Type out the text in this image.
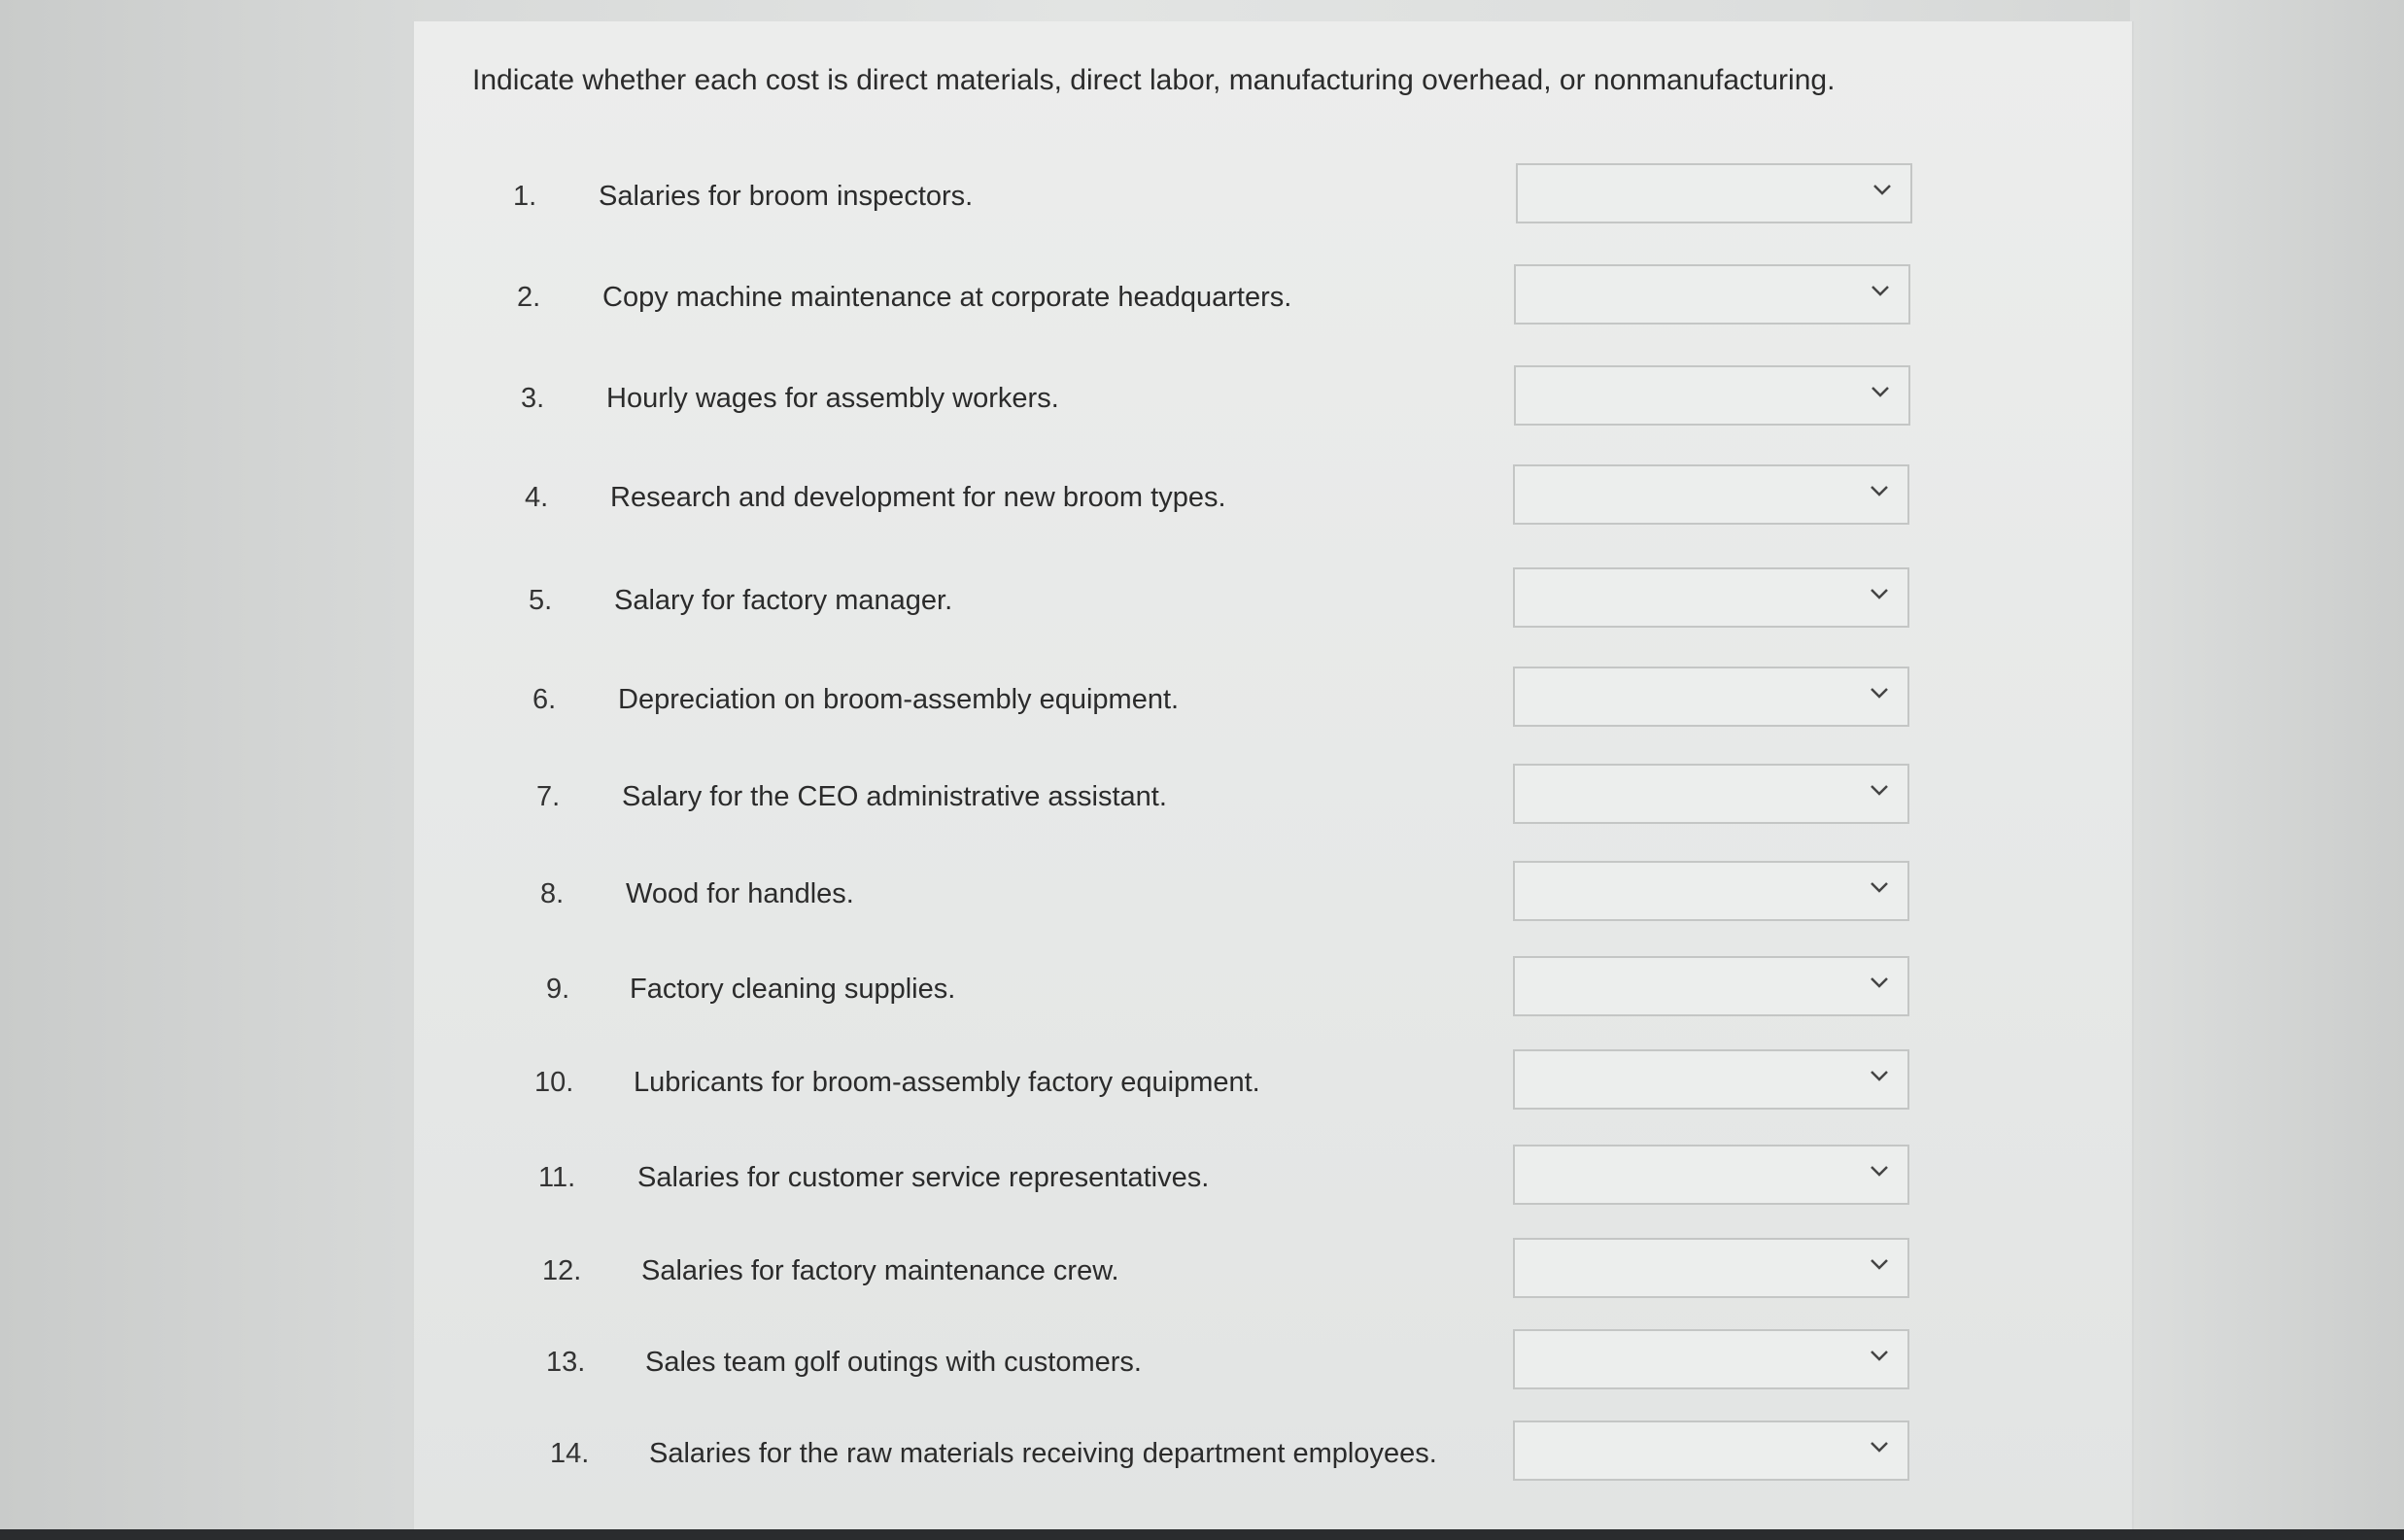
Indicate whether each cost is direct materials, direct labor, manufacturing overhead, or nonmanufacturing.
1. Salaries for broom inspectors.
2. Copy machine maintenance at corporate headquarters.
3. Hourly wages for assembly workers.
4. Research and development for new broom types.
5. Salary for factory manager.
6. Depreciation on broom-assembly equipment.
7. Salary for the CEO administrative assistant.
8. Wood for handles.
9. Factory cleaning supplies.
10. Lubricants for broom-assembly factory equipment.
11. Salaries for customer service representatives.
12. Salaries for factory maintenance crew.
13. Sales team golf outings with customers.
14. Salaries for the raw materials receiving department employees.
